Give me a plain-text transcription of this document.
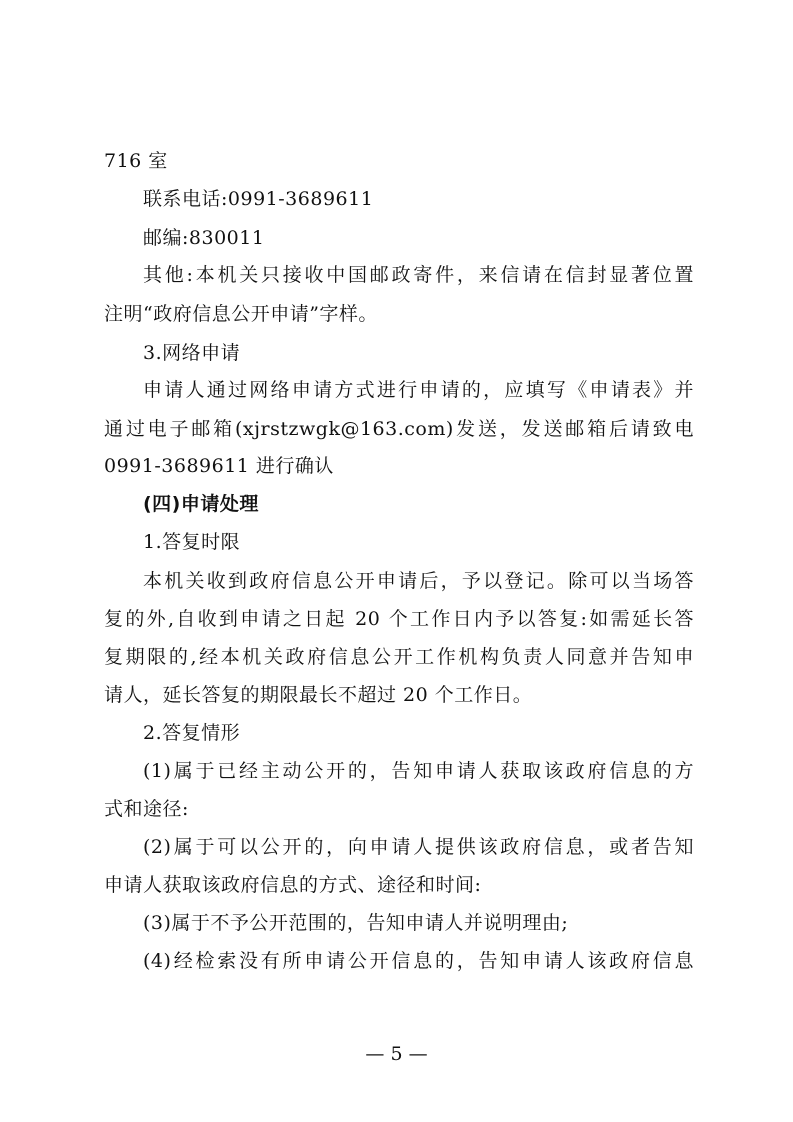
716 室
联系电话:0991-3689611
邮编:830011
其他:本机关只接收中国邮政寄件，来信请在信封显著位置
注明“政府信息公开申请”字样。
3.网络申请
申请人通过网络申请方式进行申请的，应填写《申请表》并
通过电子邮箱(xjrstzwgk@163.com)发送，发送邮箱后请致电
0991-3689611 进行确认
(四)申请处理
1.答复时限
本机关收到政府信息公开申请后，予以登记。除可以当场答
复的外,自收到申请之日起 20 个工作日内予以答复:如需延长答
复期限的,经本机关政府信息公开工作机构负责人同意并告知申
请人，延长答复的期限最长不超过 20 个工作日。
2.答复情形
(1)属于已经主动公开的，告知申请人获取该政府信息的方
式和途径:
(2)属于可以公开的，向申请人提供该政府信息，或者告知
申请人获取该政府信息的方式、途径和时间:
(3)属于不予公开范围的，告知申请人并说明理由;
(4)经检索没有所申请公开信息的，告知申请人该政府信息
— 5 —
